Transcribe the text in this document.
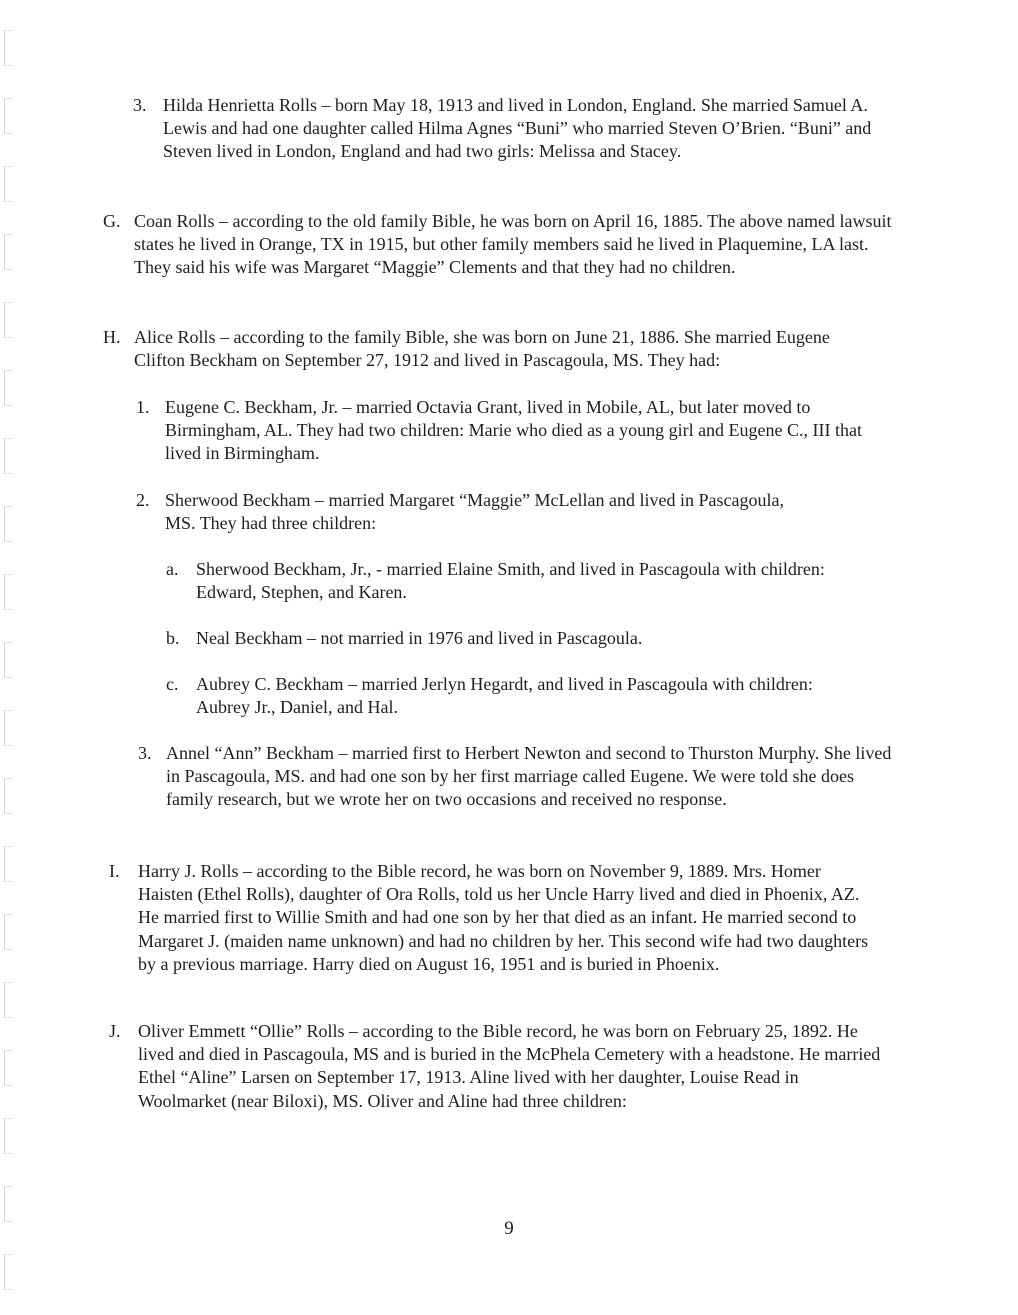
3. Hilda Henrietta Rolls – born May 18, 1913 and lived in London, England. She married Samuel A. Lewis and had one daughter called Hilma Agnes “Buni” who married Steven O’Brien. “Buni” and Steven lived in London, England and had two girls: Melissa and Stacey.
G. Coan Rolls – according to the old family Bible, he was born on April 16, 1885. The above named lawsuit states he lived in Orange, TX in 1915, but other family members said he lived in Plaquemine, LA last. They said his wife was Margaret “Maggie” Clements and that they had no children.
H. Alice Rolls – according to the family Bible, she was born on June 21, 1886. She married Eugene Clifton Beckham on September 27, 1912 and lived in Pascagoula, MS. They had:
1. Eugene C. Beckham, Jr. – married Octavia Grant, lived in Mobile, AL, but later moved to Birmingham, AL. They had two children: Marie who died as a young girl and Eugene C., III that lived in Birmingham.
2. Sherwood Beckham – married Margaret “Maggie” McLellan and lived in Pascagoula, MS. They had three children:
a. Sherwood Beckham, Jr., - married Elaine Smith, and lived in Pascagoula with children: Edward, Stephen, and Karen.
b. Neal Beckham – not married in 1976 and lived in Pascagoula.
c. Aubrey C. Beckham – married Jerlyn Hegardt, and lived in Pascagoula with children: Aubrey Jr., Daniel, and Hal.
3. Annel “Ann” Beckham – married first to Herbert Newton and second to Thurston Murphy. She lived in Pascagoula, MS. and had one son by her first marriage called Eugene. We were told she does family research, but we wrote her on two occasions and received no response.
I. Harry J. Rolls – according to the Bible record, he was born on November 9, 1889. Mrs. Homer Haisten (Ethel Rolls), daughter of Ora Rolls, told us her Uncle Harry lived and died in Phoenix, AZ. He married first to Willie Smith and had one son by her that died as an infant. He married second to Margaret J. (maiden name unknown) and had no children by her. This second wife had two daughters by a previous marriage. Harry died on August 16, 1951 and is buried in Phoenix.
J. Oliver Emmett “Ollie” Rolls – according to the Bible record, he was born on February 25, 1892. He lived and died in Pascagoula, MS and is buried in the McPhela Cemetery with a headstone. He married Ethel “Aline” Larsen on September 17, 1913. Aline lived with her daughter, Louise Read in Woolmarket (near Biloxi), MS. Oliver and Aline had three children:
9
